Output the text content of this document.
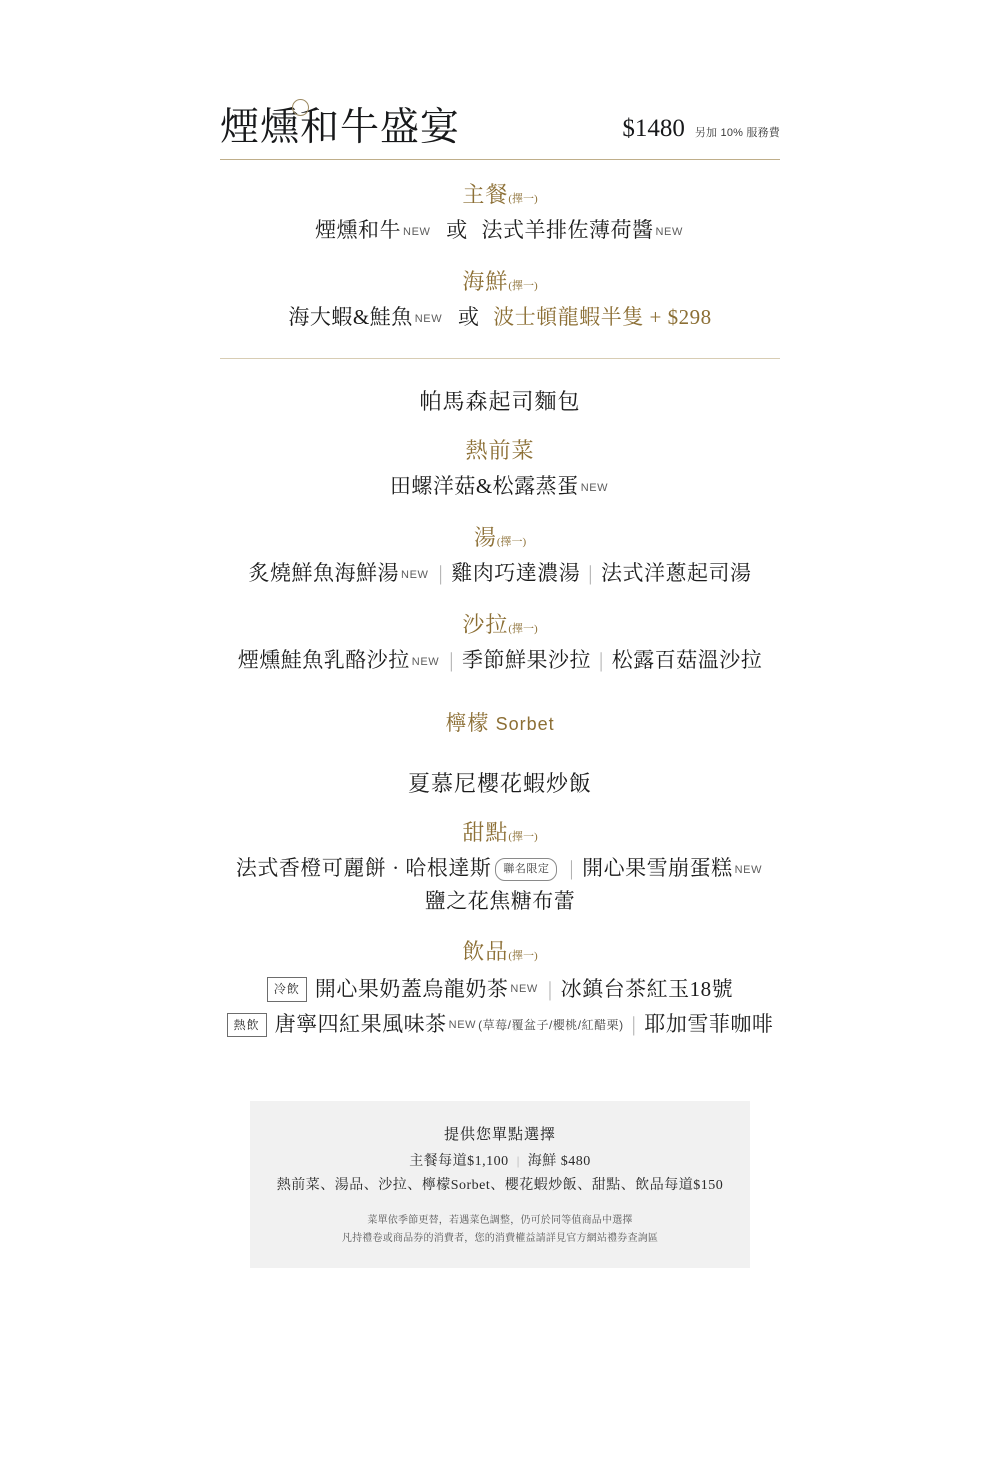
煙燻和牛盛宴	$1480 另加 10% 服務費
主餐(擇一)
煙燻和牛 NEW 或 法式羊排佐薄荷醬 NEW
海鮮(擇一)
海大蝦&鮭魚 NEW 或 波士頓龍蝦半隻 + $298
帕馬森起司麵包
熱前菜
田螺洋菇&松露蒸蛋 NEW
湯(擇一)
炙燒鮮魚海鮮湯 NEW | 雞肉巧達濃湯 | 法式洋蔥起司湯
沙拉(擇一)
煙燻鮭魚乳酪沙拉 NEW | 季節鮮果沙拉 | 松露百菇溫沙拉
檸檬 Sorbet
夏慕尼櫻花蝦炒飯
甜點(擇一)
法式香橙可麗餅 · 哈根達斯 聯名限定 | 開心果雪崩蛋糕 NEW
鹽之花焦糖布蕾
飲品(擇一)
冷飲 開心果奶蓋烏龍奶茶 NEW | 冰鎮台茶紅玉18號
熱飲 唐寧四紅果風味茶 NEW (草莓/覆盆子/櫻桃/紅醋栗) | 耶加雪菲咖啡
提供您單點選擇
主餐每道$1,100 | 海鮮 $480
熱前菜、湯品、沙拉、檸檬Sorbet、櫻花蝦炒飯、甜點、飲品每道$150
菜單依季節更替，若遇菜色調整，仍可於同等值商品中選擇
凡持禮卷或商品券的消費者，您的消費權益請詳見官方網站禮券查詢區
